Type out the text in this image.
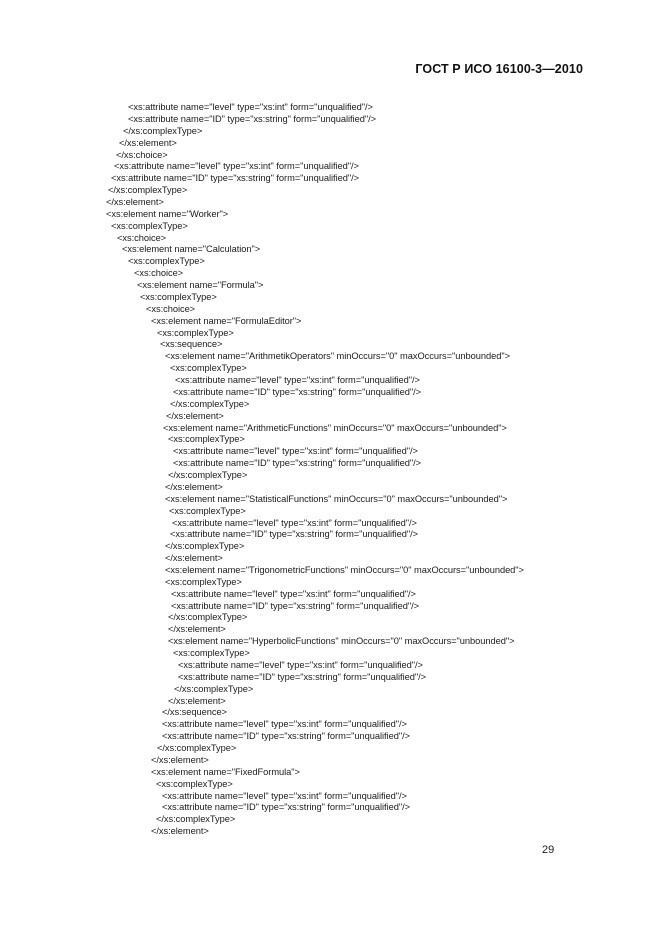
ГОСТ Р ИСО 16100-3—2010
<xs:attribute name="level" type="xs:int" form="unqualified"/>
<xs:attribute name="ID" type="xs:string" form="unqualified"/>
</xs:complexType>
</xs:element>
</xs:choice>
<xs:attribute name="level" type="xs:int" form="unqualified"/>
<xs:attribute name="ID" type="xs:string" form="unqualified"/>
</xs:complexType>
</xs:element>
<xs:element name="Worker">
<xs:complexType>
<xs:choice>
<xs:element name="Calculation">
<xs:complexType>
<xs:choice>
<xs:element name="Formula">
<xs:complexType>
<xs:choice>
<xs:element name="FormulaEditor">
<xs:complexType>
<xs:sequence>
<xs:element name="ArithmetikOperators" minOccurs="0" maxOccurs="unbounded">
<xs:complexType>
<xs:attribute name="level" type="xs:int" form="unqualified"/>
<xs:attribute name="ID" type="xs:string" form="unqualified"/>
</xs:complexType>
</xs:element>
<xs:element name="ArithmeticFunctions" minOccurs="0" maxOccurs="unbounded">
<xs:complexType>
<xs:attribute name="level" type="xs:int" form="unqualified"/>
<xs:attribute name="ID" type="xs:string" form="unqualified"/>
</xs:complexType>
</xs:element>
<xs:element name="StatisticalFunctions" minOccurs="0" maxOccurs="unbounded">
<xs:complexType>
<xs:attribute name="level" type="xs:int" form="unqualified"/>
<xs:attribute name="ID" type="xs:string" form="unqualified"/>
</xs:complexType>
</xs:element>
<xs:element name="TrigonometricFunctions" minOccurs="0" maxOccurs="unbounded">
<xs:complexType>
<xs:attribute name="level" type="xs:int" form="unqualified"/>
<xs:attribute name="ID" type="xs:string" form="unqualified"/>
</xs:complexType>
</xs:element>
<xs:element name="HyperbolicFunctions" minOccurs="0" maxOccurs="unbounded">
<xs:complexType>
<xs:attribute name="level" type="xs:int" form="unqualified"/>
<xs:attribute name="ID" type="xs:string" form="unqualified"/>
</xs:complexType>
</xs:element>
</xs:sequence>
<xs:attribute name="level" type="xs:int" form="unqualified"/>
<xs:attribute name="ID" type="xs:string" form="unqualified"/>
</xs:complexType>
</xs:element>
<xs:element name="FixedFormula">
<xs:complexType>
<xs:attribute name="level" type="xs:int" form="unqualified"/>
<xs:attribute name="ID" type="xs:string" form="unqualified"/>
</xs:complexType>
</xs:element>
29
